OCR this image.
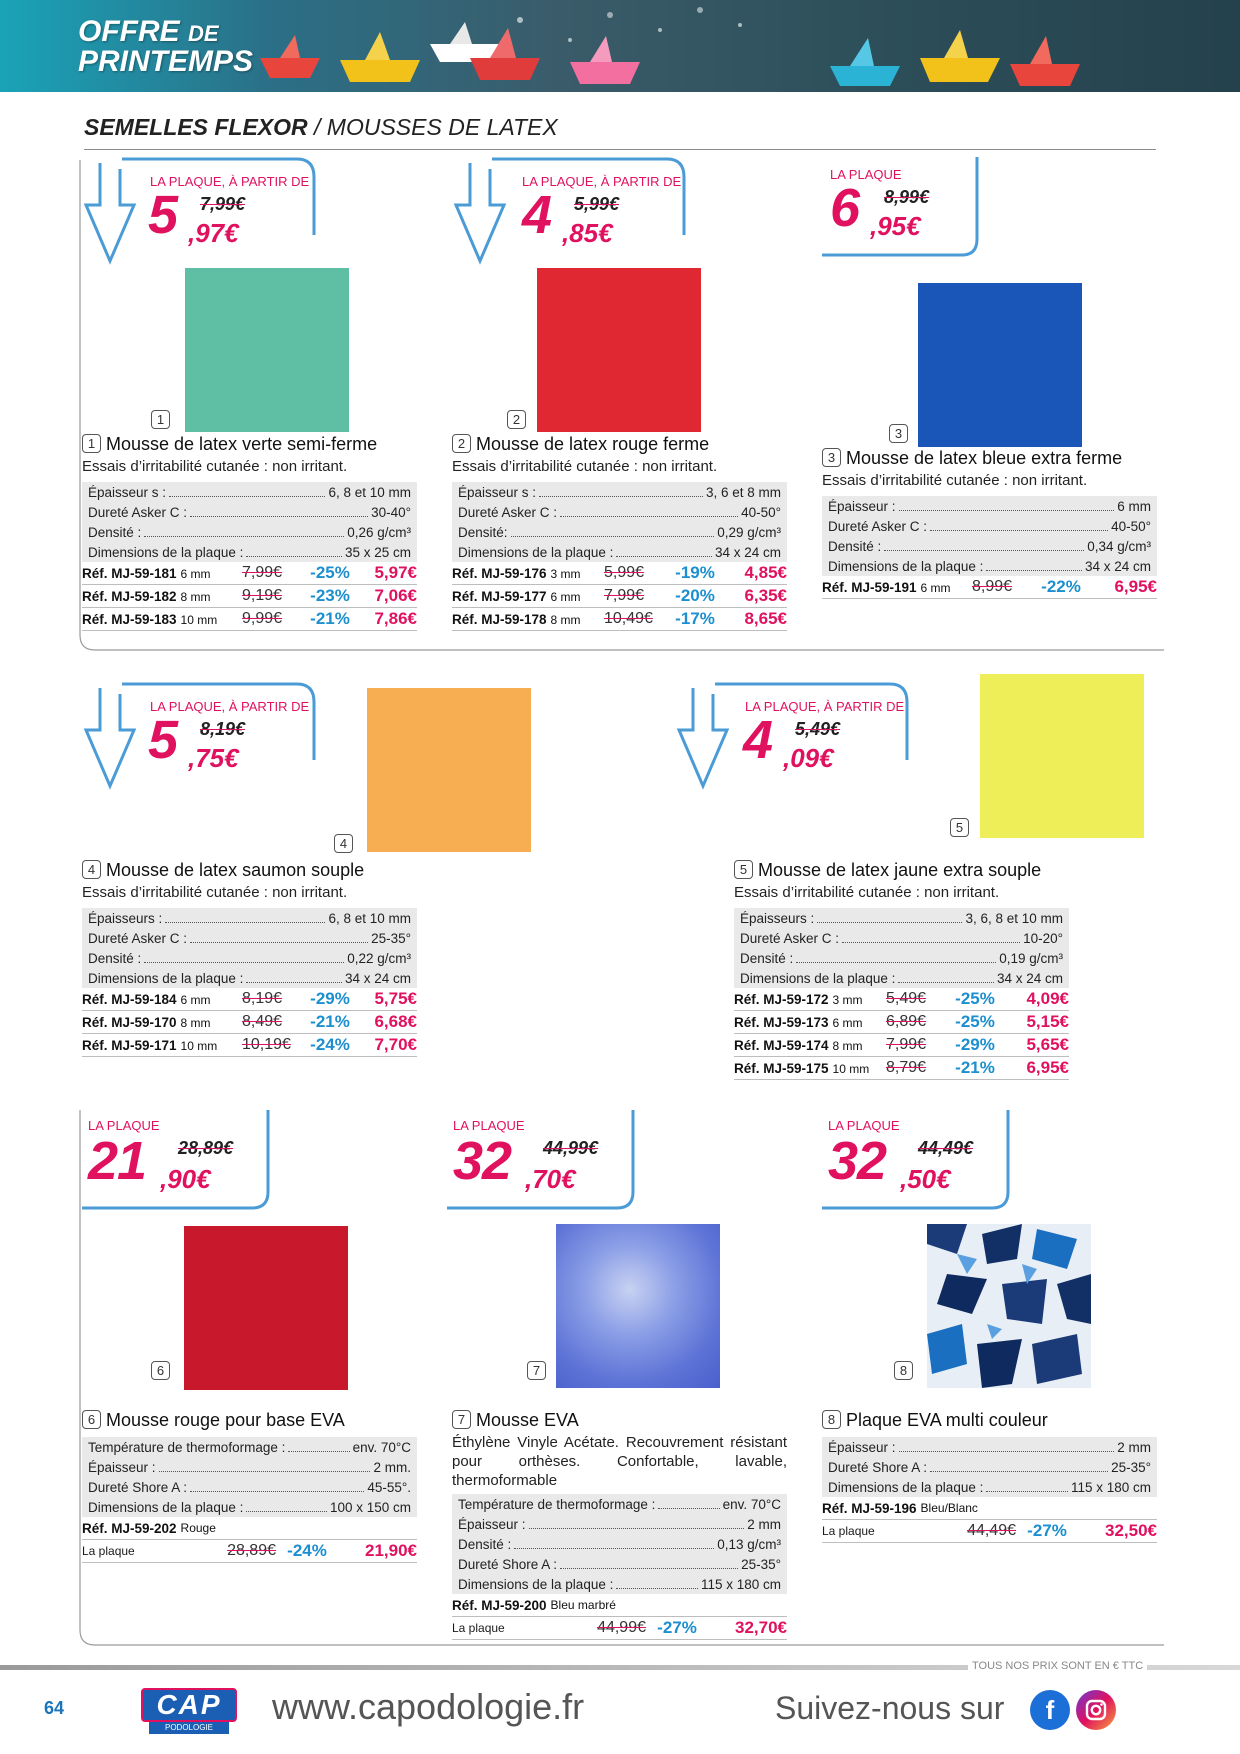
OFFRE DE
PRINTEMPS
SEMELLES FLEXOR / MOUSSES DE LATEX
LA PLAQUE, À PARTIR DE
7,99€
5 ,97€
1
1 Mousse de latex verte semi-ferme
Essais d’irritabilité cutanée : non irritant.
Épaisseur s :	6, 8 et 10 mm
Dureté Asker C :	30-40°
Densité :	0,26 g/cm³
Dimensions de la plaque :	35 x 25 cm
Réf. MJ-59-181 6 mm	7,99€	-25%	5,97€
Réf. MJ-59-182 8 mm	9,19€	-23%	7,06€
Réf. MJ-59-183 10 mm	9,99€	-21%	7,86€
LA PLAQUE, À PARTIR DE
5,99€
4 ,85€
2
2 Mousse de latex rouge ferme
Essais d’irritabilité cutanée : non irritant.
Épaisseur s :	3, 6 et 8 mm
Dureté Asker C :	40-50°
Densité:	0,29 g/cm³
Dimensions de la plaque :	34 x 24 cm
Réf. MJ-59-176 3 mm	5,99€	-19%	4,85€
Réf. MJ-59-177 6 mm	7,99€	-20%	6,35€
Réf. MJ-59-178 8 mm	10,49€	-17%	8,65€
LA PLAQUE
8,99€
6 ,95€
3
3 Mousse de latex bleue extra ferme
Essais d’irritabilité cutanée : non irritant.
Épaisseur :	6 mm
Dureté Asker C :	40-50°
Densité :	0,34 g/cm³
Dimensions de la plaque :	34 x 24 cm
Réf. MJ-59-191 6 mm	8,99€	-22%	6,95€
LA PLAQUE, À PARTIR DE
8,19€
5 ,75€
4
4 Mousse de latex saumon souple
Essais d’irritabilité cutanée : non irritant.
Épaisseurs :	6, 8 et 10 mm
Dureté Asker C :	25-35°
Densité :	0,22 g/cm³
Dimensions de la plaque :	34 x 24 cm
Réf. MJ-59-184 6 mm	8,19€	-29%	5,75€
Réf. MJ-59-170 8 mm	8,49€	-21%	6,68€
Réf. MJ-59-171 10 mm	10,19€	-24%	7,70€
LA PLAQUE, À PARTIR DE
5,49€
4 ,09€
5
5 Mousse de latex jaune extra souple
Essais d’irritabilité cutanée : non irritant.
Épaisseurs :	3, 6, 8 et 10 mm
Dureté Asker C :	10-20°
Densité :	0,19 g/cm³
Dimensions de la plaque :	34 x 24 cm
Réf. MJ-59-172 3 mm	5,49€	-25%	4,09€
Réf. MJ-59-173 6 mm	6,89€	-25%	5,15€
Réf. MJ-59-174 8 mm	7,99€	-29%	5,65€
Réf. MJ-59-175 10 mm	8,79€	-21%	6,95€
LA PLAQUE
28,89€
21 ,90€
6
6 Mousse rouge pour base EVA
Température de thermoformage :	env. 70°C
Épaisseur :	2 mm.
Dureté Shore A :	45-55°.
Dimensions de la plaque :	100 x 150 cm
Réf. MJ-59-202 Rouge
La plaque	28,89€ -24%	21,90€
LA PLAQUE
44,99€
32 ,70€
7
7 Mousse EVA
Éthylène Vinyle Acétate. Recouvrement résistant pour orthèses. Confortable, lavable, thermoformable
Température de thermoformage :	env. 70°C
Épaisseur :	2 mm
Densité :	0,13 g/cm³
Dureté Shore A :	25-35°
Dimensions de la plaque :	115 x 180 cm
Réf. MJ-59-200 Bleu marbré
La plaque	44,99€ -27%	32,70€
LA PLAQUE
44,49€
32 ,50€
8
8 Plaque EVA multi couleur
Épaisseur :	2 mm
Dureté Shore A :	25-35°
Dimensions de la plaque :	115 x 180 cm
Réf. MJ-59-196 Bleu/Blanc
La plaque	44,49€ -27%	32,50€
TOUS NOS PRIX SONT EN € TTC
64	CAP
PODOLOGIE
www.capodologie.fr	Suivez-nous sur	f
